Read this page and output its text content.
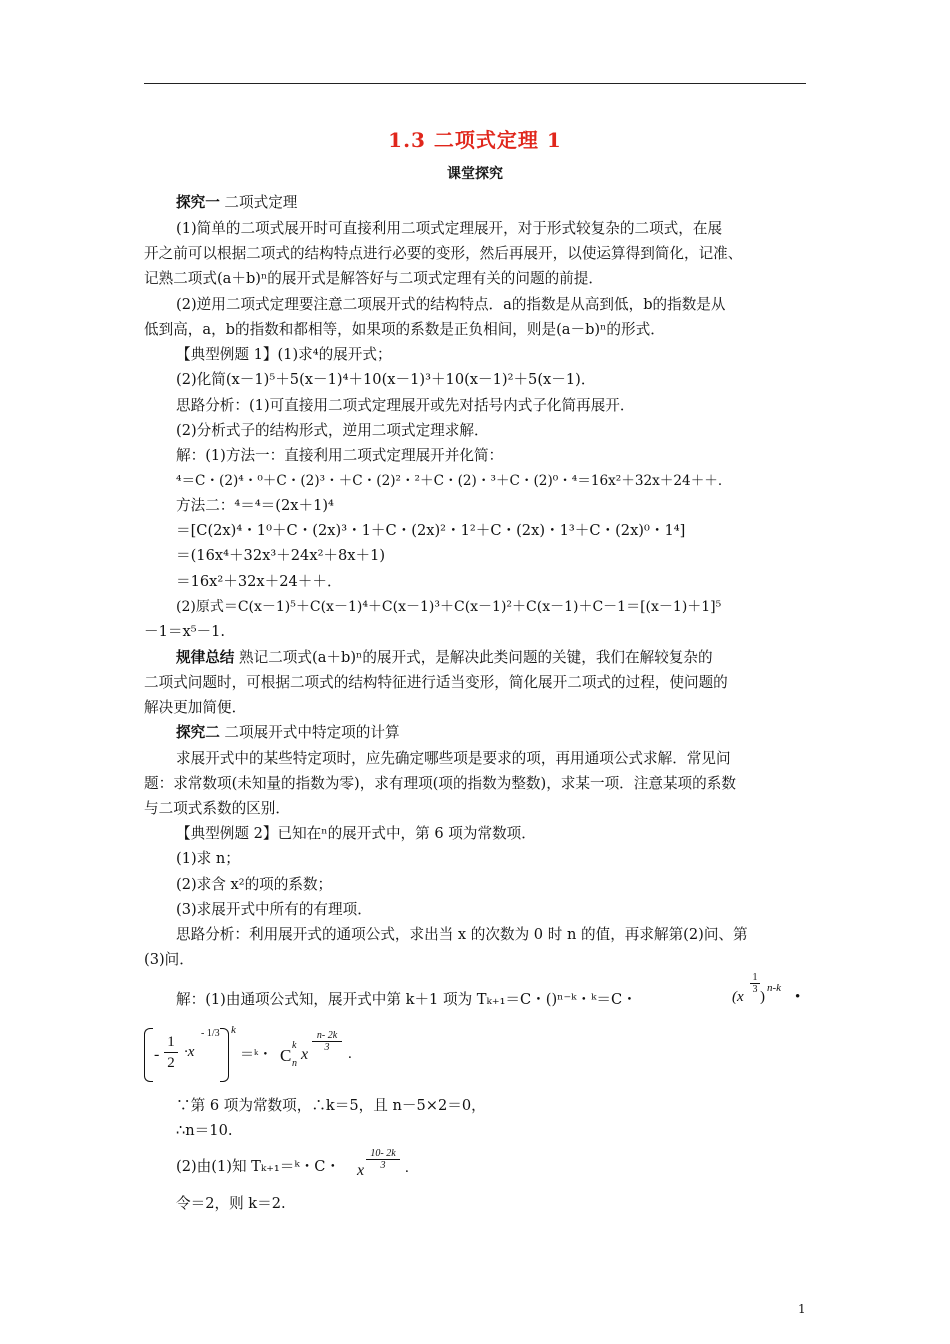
1.3 二项式定理 1
课堂探究
探究一 二项式定理
(1)简单的二项式展开时可直接利用二项式定理展开，对于形式较复杂的二项式，在展
开之前可以根据二项式的结构特点进行必要的变形，然后再展开，以使运算得到简化，记准、
记熟二项式(a＋b)ⁿ的展开式是解答好与二项式定理有关的问题的前提．
(2)逆用二项式定理要注意二项展开式的结构特点．a的指数是从高到低，b的指数是从
低到高，a，b的指数和都相等，如果项的系数是正负相间，则是(a－b)ⁿ的形式．
【典型例题 1】(1)求⁴的展开式；
(2)化简(x－1)⁵＋5(x－1)⁴＋10(x－1)³＋10(x－1)²＋5(x－1)．
思路分析：(1)可直接用二项式定理展开或先对括号内式子化简再展开．
(2)分析式子的结构形式，逆用二项式定理求解．
解：(1)方法一：直接利用二项式定理展开并化简：
⁴＝C・(2)⁴・⁰＋C・(2)³・＋C・(2)²・²＋C・(2)・³＋C・(2)⁰・⁴＝16x²＋32x＋24＋＋．
方法二：⁴＝⁴＝(2x＋1)⁴
＝[C(2x)⁴・1⁰＋C・(2x)³・1＋C・(2x)²・1²＋C・(2x)・1³＋C・(2x)⁰・1⁴]
＝(16x⁴＋32x³＋24x²＋8x＋1)
＝16x²＋32x＋24＋＋．
(2)原式＝C(x－1)⁵＋C(x－1)⁴＋C(x－1)³＋C(x－1)²＋C(x－1)＋C－1＝[(x－1)＋1]⁵
－1＝x⁵－1.
规律总结 熟记二项式(a＋b)ⁿ的展开式，是解决此类问题的关键，我们在解较复杂的
二项式问题时，可根据二项式的结构特征进行适当变形，简化展开二项式的过程，使问题的
解决更加简便．
探究二 二项展开式中特定项的计算
求展开式中的某些特定项时，应先确定哪些项是要求的项，再用通项公式求解．常见问
题：求常数项(未知量的指数为零)，求有理项(项的指数为整数)，求某一项．注意某项的系数
与二项式系数的区别．
【典型例题 2】已知在ⁿ的展开式中，第 6 项为常数项．
(1)求 n；
(2)求含 x²的项的系数；
(3)求展开式中所有的有理项．
思路分析：利用展开式的通项公式，求出当 x 的次数为 0 时 n 的值，再求解第(2)问、第
(3)问．
解：(1)由通项公式知，展开式中第 k＋1 项为 Tₖ₊₁＝C・()ⁿ⁻ᵏ・ᵏ＝C・	(x
$\frac{1}{3}$
)
n-k
•
- $\frac{1}{2} \cdot x$
- 1/3 k
＝ᵏ・ C
k
n
x
$\frac{n- 2k}{3}$
.
∵第 6 项为常数项，∴k＝5，且 n－5×2＝0，
∴n＝10.
(2)由(1)知 Tₖ₊₁＝ᵏ・C・	x $\frac{10- 2k}{3}$ .
令＝2，则 k＝2.
1
